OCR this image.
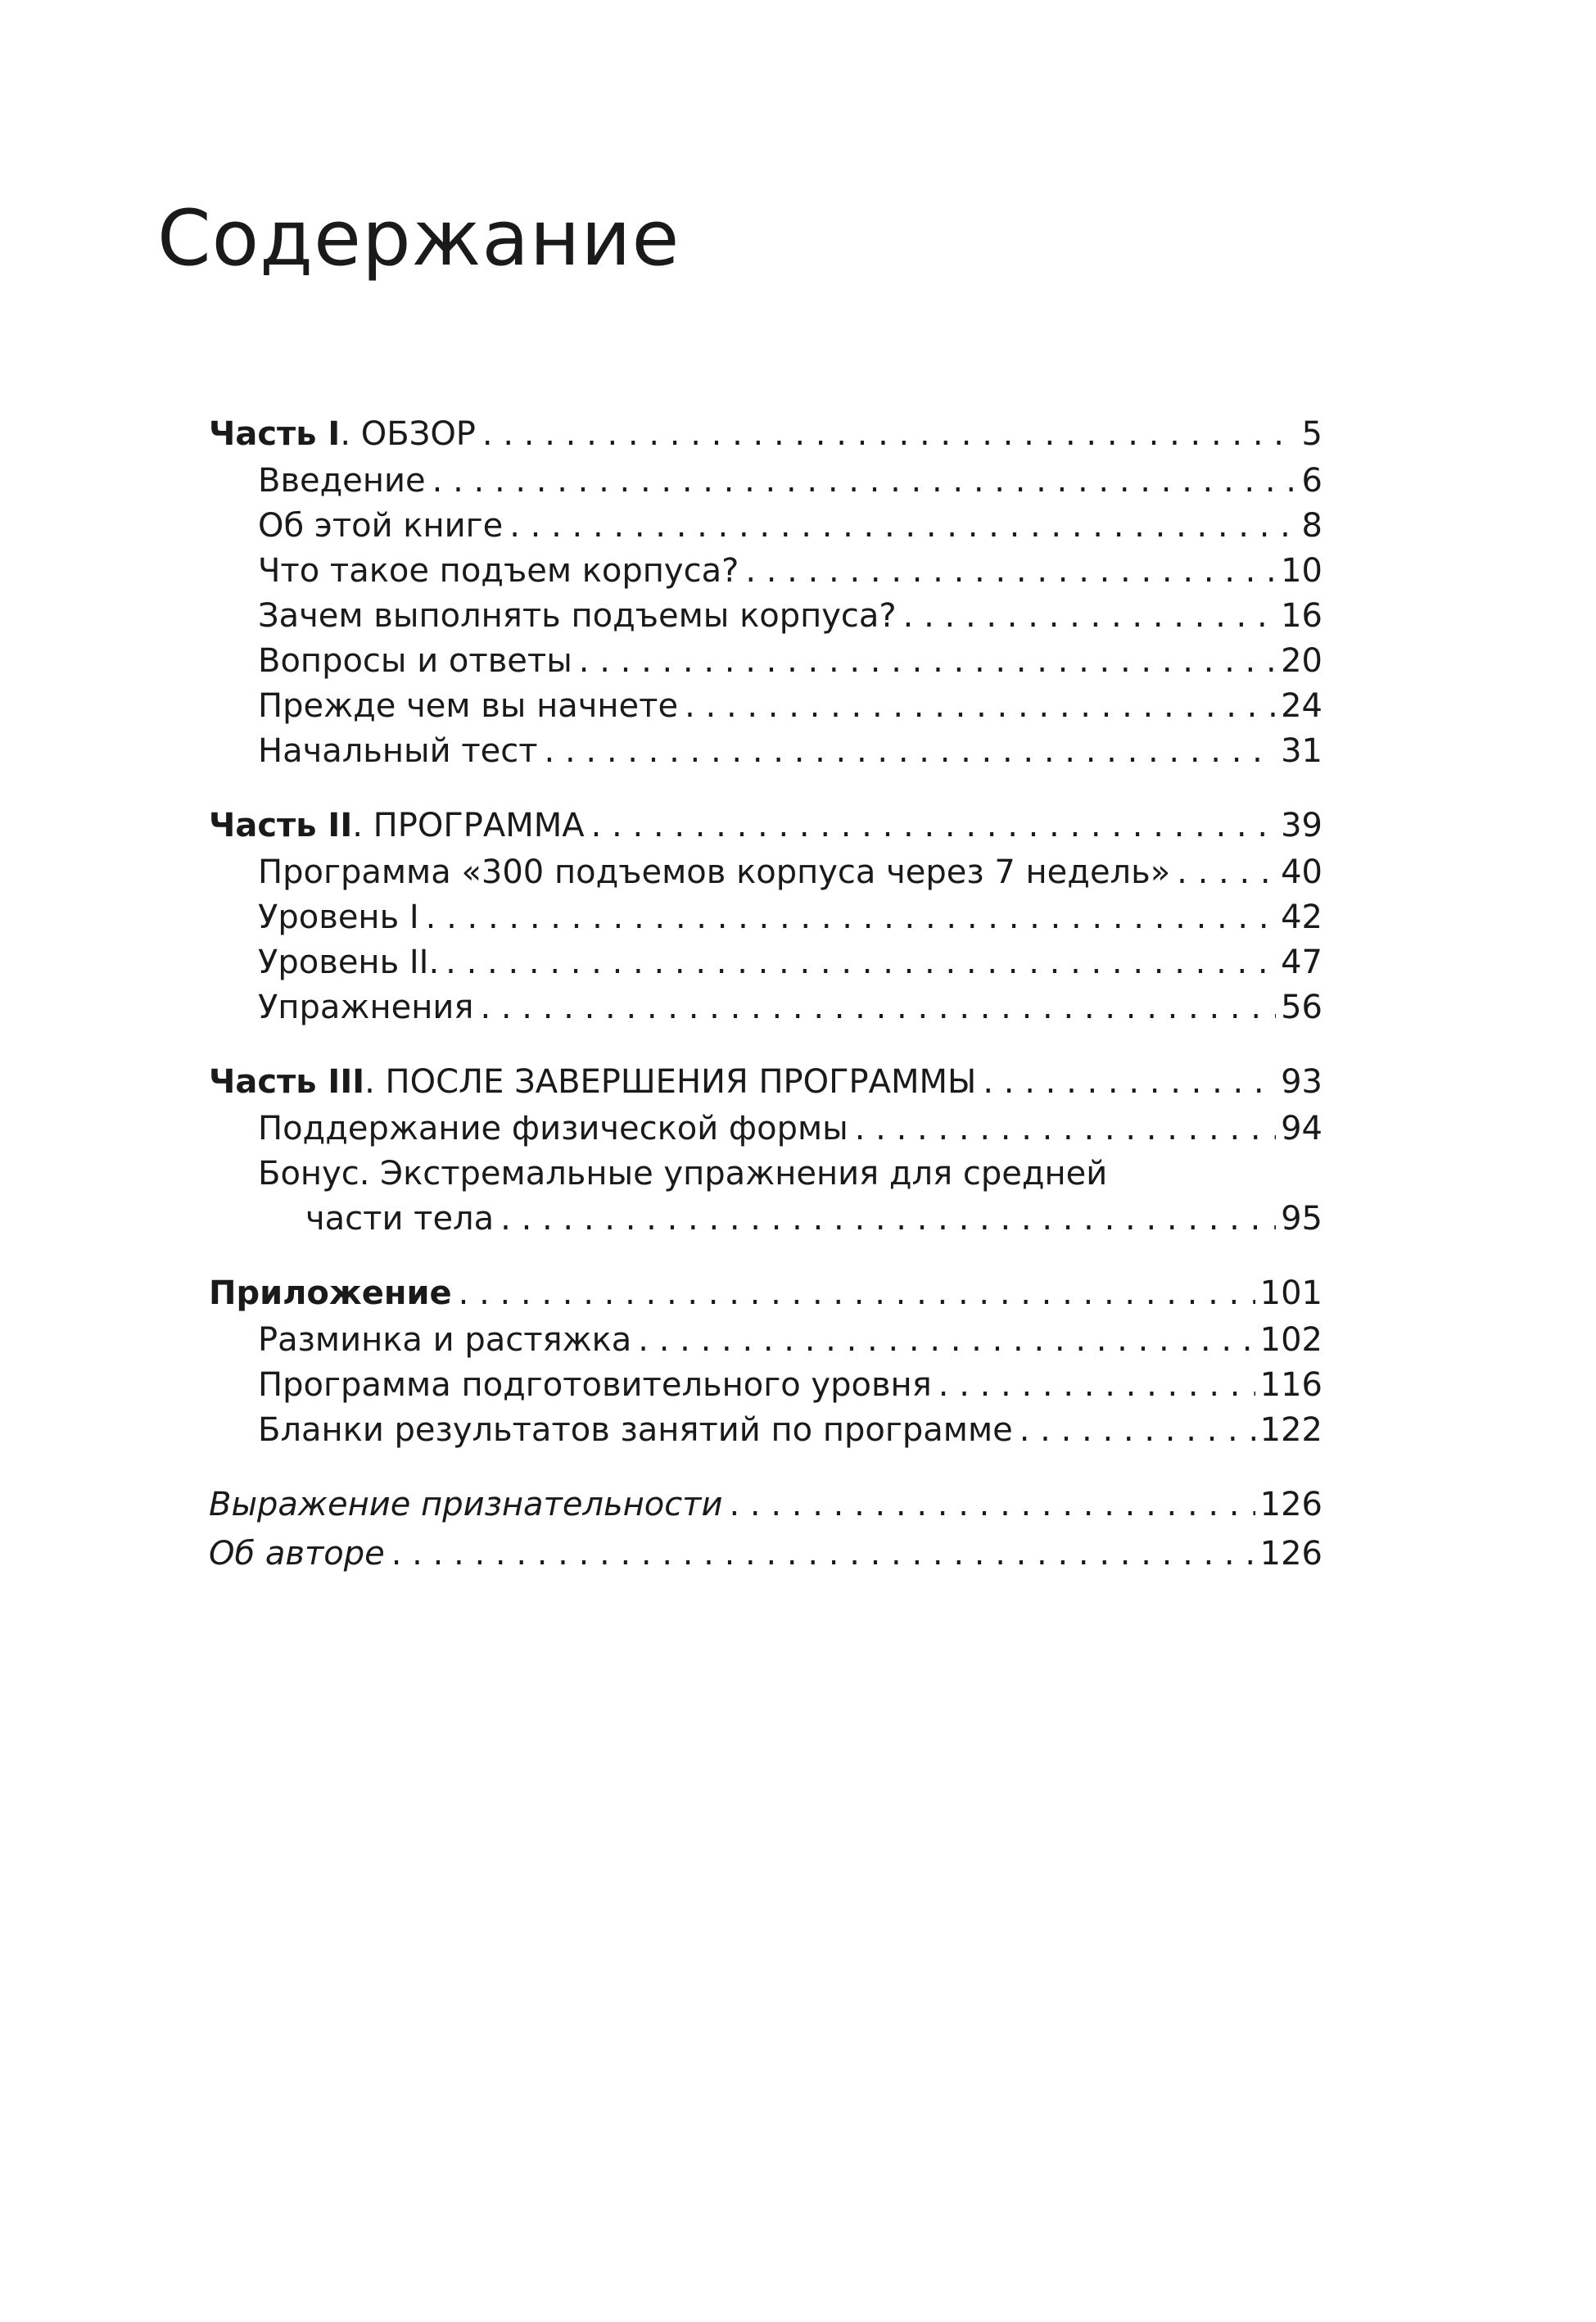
Содержание
Часть I. ОБЗОР . . .	5
Введение . . .	6
Об этой книге . . .	8
Что такое подъем корпуса? . . .	10
Зачем выполнять подъемы корпуса? . . .	16
Вопросы и ответы . . .	20
Прежде чем вы начнете . . .	24
Начальный тест . . .	31
Часть II. ПРОГРАММА . . .	39
Программа «300 подъемов корпуса через 7 недель» . . .	40
Уровень I . . .	42
Уровень II. . . .	47
Упражнения . . .	56
Часть III. ПОСЛЕ ЗАВЕРШЕНИЯ ПРОГРАММЫ . . .	93
Поддержание физической формы . . .	94
Бонус. Экстремальные упражнения для средней
части тела . . .	95
Приложение . . .	101
Разминка и растяжка . . .	102
Программа подготовительного уровня . . .	116
Бланки результатов занятий по программе . . .	122
Выражение признательности . . .	126
Об авторе . . .	126
